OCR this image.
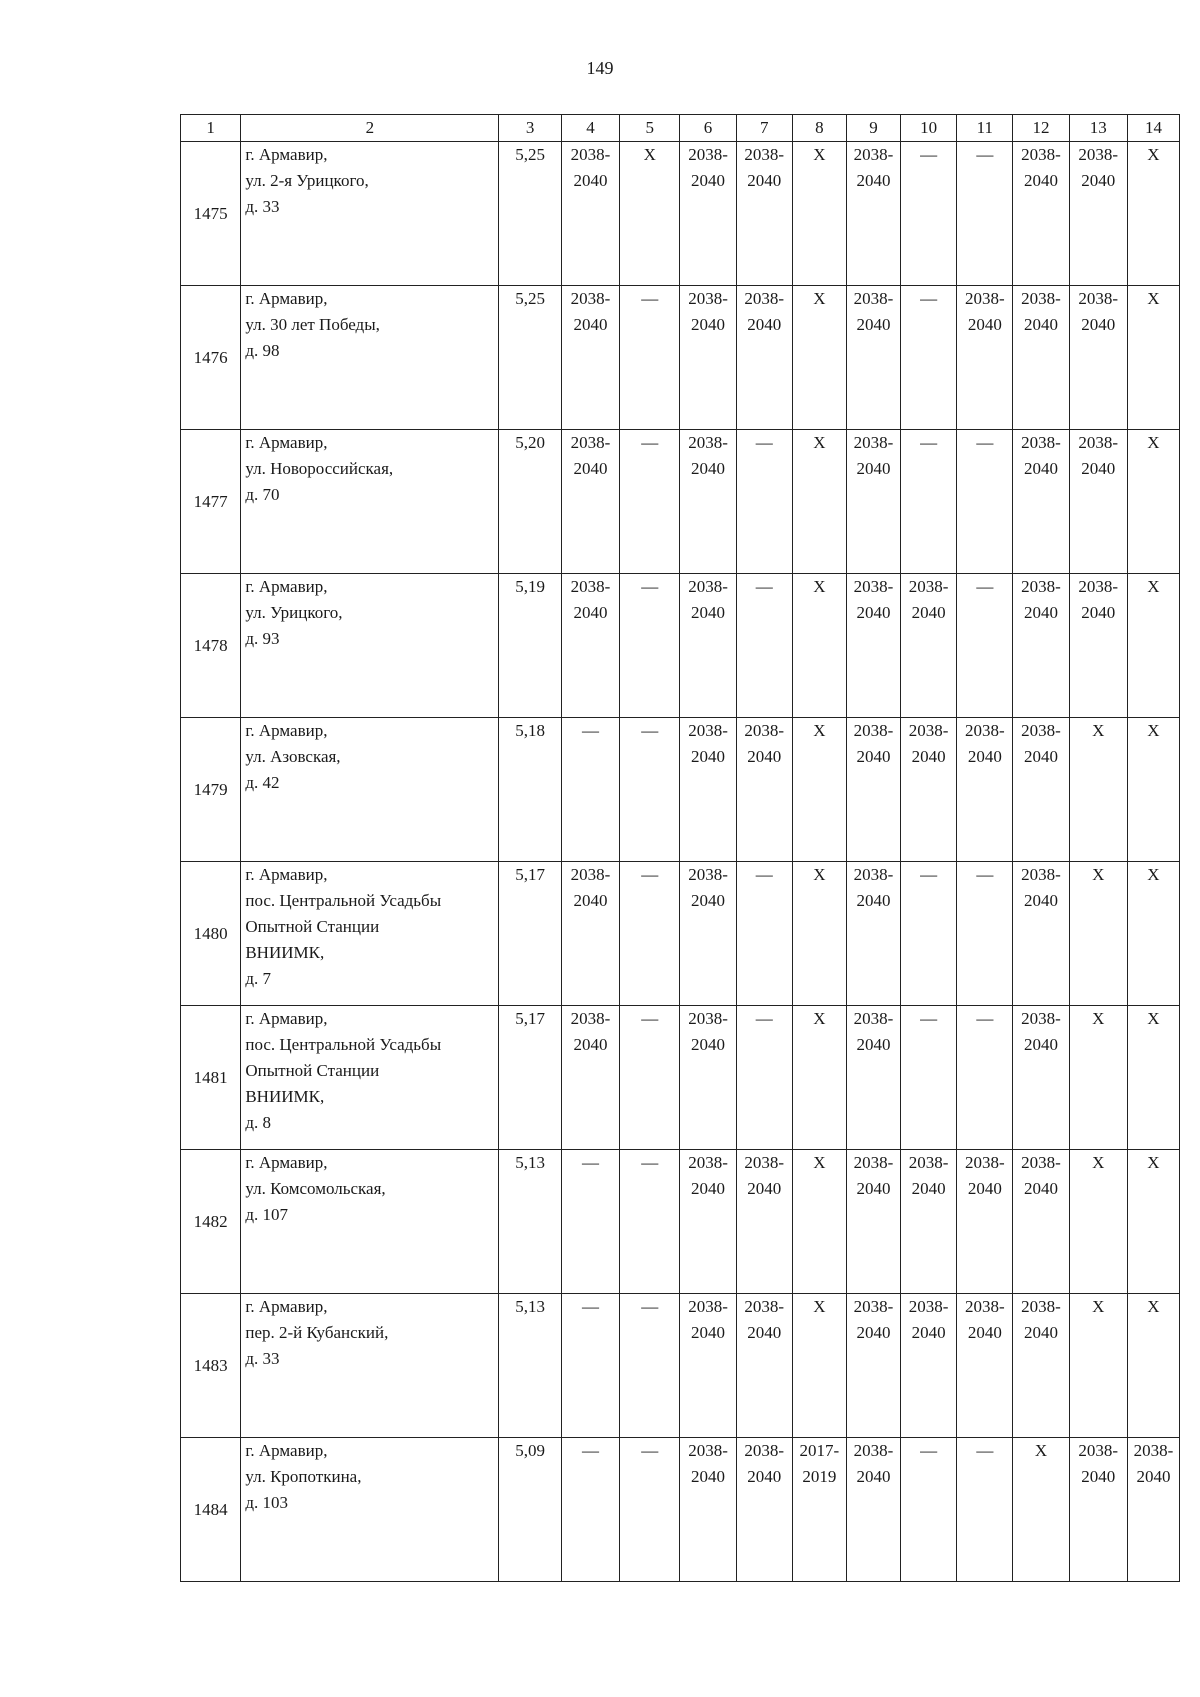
149
1	2	3	4	5	6	7	8	9	10	11	12	13	14
1475	г. Армавир,
ул. 2-я Урицкого,
д. 33	5,25	2038-
2040	X	2038-
2040	2038-
2040	X	2038-
2040	—	—	2038-
2040	2038-
2040	X

1476	г. Армавир,
ул. 30 лет Победы,
д. 98	5,25	2038-
2040	—	2038-
2040	2038-
2040	X	2038-
2040	—	2038-
2040	2038-
2040	2038-
2040	X

1477	г. Армавир,
ул. Новороссийская,
д. 70	5,20	2038-
2040	—	2038-
2040	—	X	2038-
2040	—	—	2038-
2040	2038-
2040	X

1478	г. Армавир,
ул. Урицкого,
д. 93	5,19	2038-
2040	—	2038-
2040	—	X	2038-
2040	2038-
2040	—	2038-
2040	2038-
2040	X

1479	г. Армавир,
ул. Азовская,
д. 42	5,18	—	—	2038-
2040	2038-
2040	X	2038-
2040	2038-
2040	2038-
2040	2038-
2040	X	X

1480	г. Армавир,
пос. Центральной Усадьбы
Опытной Станции
ВНИИМК,
д. 7	5,17	2038-
2040	—	2038-
2040	—	X	2038-
2040	—	—	2038-
2040	X	X

1481	г. Армавир,
пос. Центральной Усадьбы
Опытной Станции
ВНИИМК,
д. 8	5,17	2038-
2040	—	2038-
2040	—	X	2038-
2040	—	—	2038-
2040	X	X

1482	г. Армавир,
ул. Комсомольская,
д. 107	5,13	—	—	2038-
2040	2038-
2040	X	2038-
2040	2038-
2040	2038-
2040	2038-
2040	X	X

1483	г. Армавир,
пер. 2-й Кубанский,
д. 33	5,13	—	—	2038-
2040	2038-
2040	X	2038-
2040	2038-
2040	2038-
2040	2038-
2040	X	X

1484	г. Армавир,
ул. Кропоткина,
д. 103	5,09	—	—	2038-
2040	2038-
2040	2017-
2019	2038-
2040	—	—	X	2038-
2040	2038-
2040
